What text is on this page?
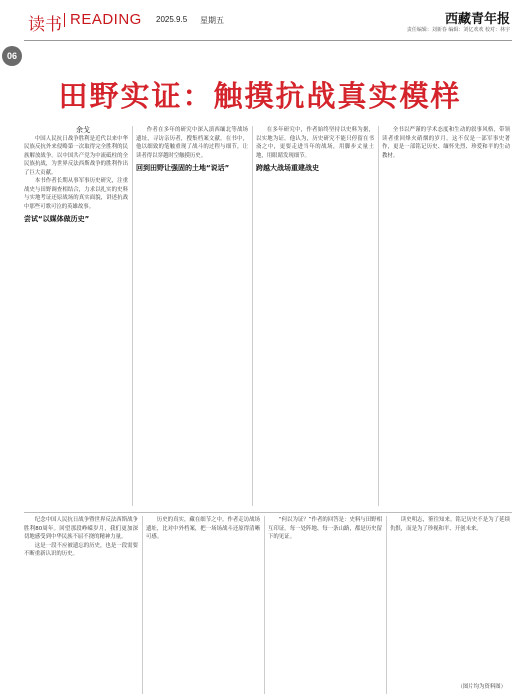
读书 READING 2025.9.5 星期五	西藏青年报
责任编辑：刘新春 编辑：刘亿欢欢 校对：林宇
06
田野实证：触摸抗战真实模样

余戈

中国人民抗日战争胜利是近代以来中华民族反抗外来侵略第一次取得完全胜利的民族解放战争。以中国共产党为中流砥柱的全民族抗战，为世界反法西斯战争的胜利作出了巨大贡献。

本书作者长期从事军事历史研究，注重战史与田野调查相结合，力求以扎实的史料与实地考证还原战场的真实面貌，讲述抗战中那些可歌可泣的英雄故事。

尝试“以媒体做历史”

作者在多年的研究中深入滇西缅北等战场遗址，寻访亲历者，搜集档案文献。在书中，他以细致的笔触重现了战斗的过程与细节，让读者得以穿越时空触摸历史。

回到田野让强固的土地“说话”

在多年研究中，作者始终坚持以史料为据，以实地为证。他认为，历史研究不能只停留在书斋之中，更要走进当年的战场，用脚步丈量土地，用眼睛发现细节。

跨越大战场重建战史

全书以严谨的学术态度和生动的叙事风格，带领读者重回烽火硝烟的岁月。这不仅是一部军事史著作，更是一部铭记历史、缅怀先烈、珍爱和平的生动教材。

纪念中国人民抗日战争暨世界反法西斯战争胜利80周年。回望那段峥嵘岁月，我们更加深切地感受到中华民族不屈不挠的精神力量。

这是一段不应被遗忘的历史，也是一段需要不断重新认识的历史。

历史的真实，藏在细节之中。作者走访战场遗址，比对中外档案，把一场场战斗还原得清晰可感。

“何以为证？”作者的回答是：史料与田野相互印证。每一处阵地、每一条山路，都是历史留下的见证。

读史明志，鉴往知来。铭记历史不是为了延续仇恨，而是为了珍视和平、开创未来。

（图片均为资料图）
